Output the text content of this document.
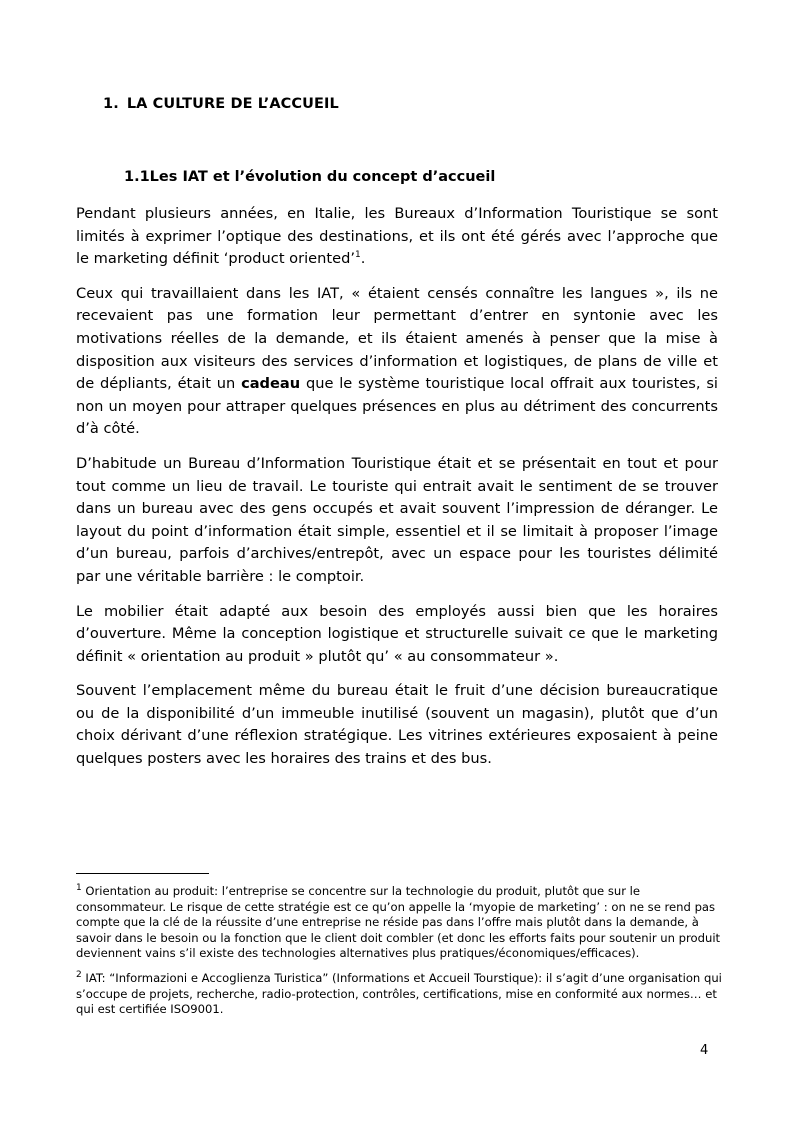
1. LA CULTURE DE L’ACCUEIL
1.1Les IAT et l’évolution du concept d’accueil

Pendant plusieurs années, en Italie, les Bureaux d’Information Touristique se sont limités à exprimer l’optique des destinations, et ils ont été gérés avec l’approche que le marketing définit ‘product oriented’$^1$.

Ceux qui travaillaient dans les IAT, « étaient censés connaître les langues », ils ne recevaient pas une formation leur permettant d’entrer en syntonie avec les motivations réelles de la demande, et ils étaient amenés à penser que la mise à disposition aux visiteurs des services d’information et logistiques, de plans de ville et de dépliants, était un cadeau que le système touristique local offrait aux touristes, si non un moyen pour attraper quelques présences en plus au détriment des concurrents d’à côté.

D’habitude un Bureau d’Information Touristique était et se présentait en tout et pour tout comme un lieu de travail. Le touriste qui entrait avait le sentiment de se trouver dans un bureau avec des gens occupés et avait souvent l’impression de déranger. Le layout du point d’information était simple, essentiel et il se limitait à proposer l’image d’un bureau, parfois d’archives/entrepôt, avec un espace pour les touristes délimité par une véritable barrière : le comptoir.

Le mobilier était adapté aux besoin des employés aussi bien que les horaires d’ouverture. Même la conception logistique et structurelle suivait ce que le marketing définit « orientation au produit » plutôt qu’ « au consommateur ».

Souvent l’emplacement même du bureau était le fruit d’une décision bureaucratique ou de la disponibilité d’un immeuble inutilisé (souvent un magasin), plutôt que d’un choix dérivant d’une réflexion stratégique. Les vitrines extérieures exposaient à peine quelques posters avec les horaires des trains et des bus.

$^1$ Orientation au produit: l’entreprise se concentre sur la technologie du produit, plutôt que sur le consommateur. Le risque de cette stratégie est ce qu’on appelle la ‘myopie de marketing’ : on ne se rend pas compte que la clé de la réussite d’une entreprise ne réside pas dans l’offre mais plutôt dans la demande, à savoir dans le besoin ou la fonction que le client doit combler (et donc les efforts faits pour soutenir un produit deviennent vains s’il existe des technologies alternatives plus pratiques/économiques/efficaces).

$^2$ IAT: “Informazioni e Accoglienza Turistica” (Informations et Accueil Tourstique): il s’agit d’une organisation qui s’occupe de projets, recherche, radio-protection, contrôles, certifications, mise en conformité aux normes… et qui est certifiée ISO9001.

4
